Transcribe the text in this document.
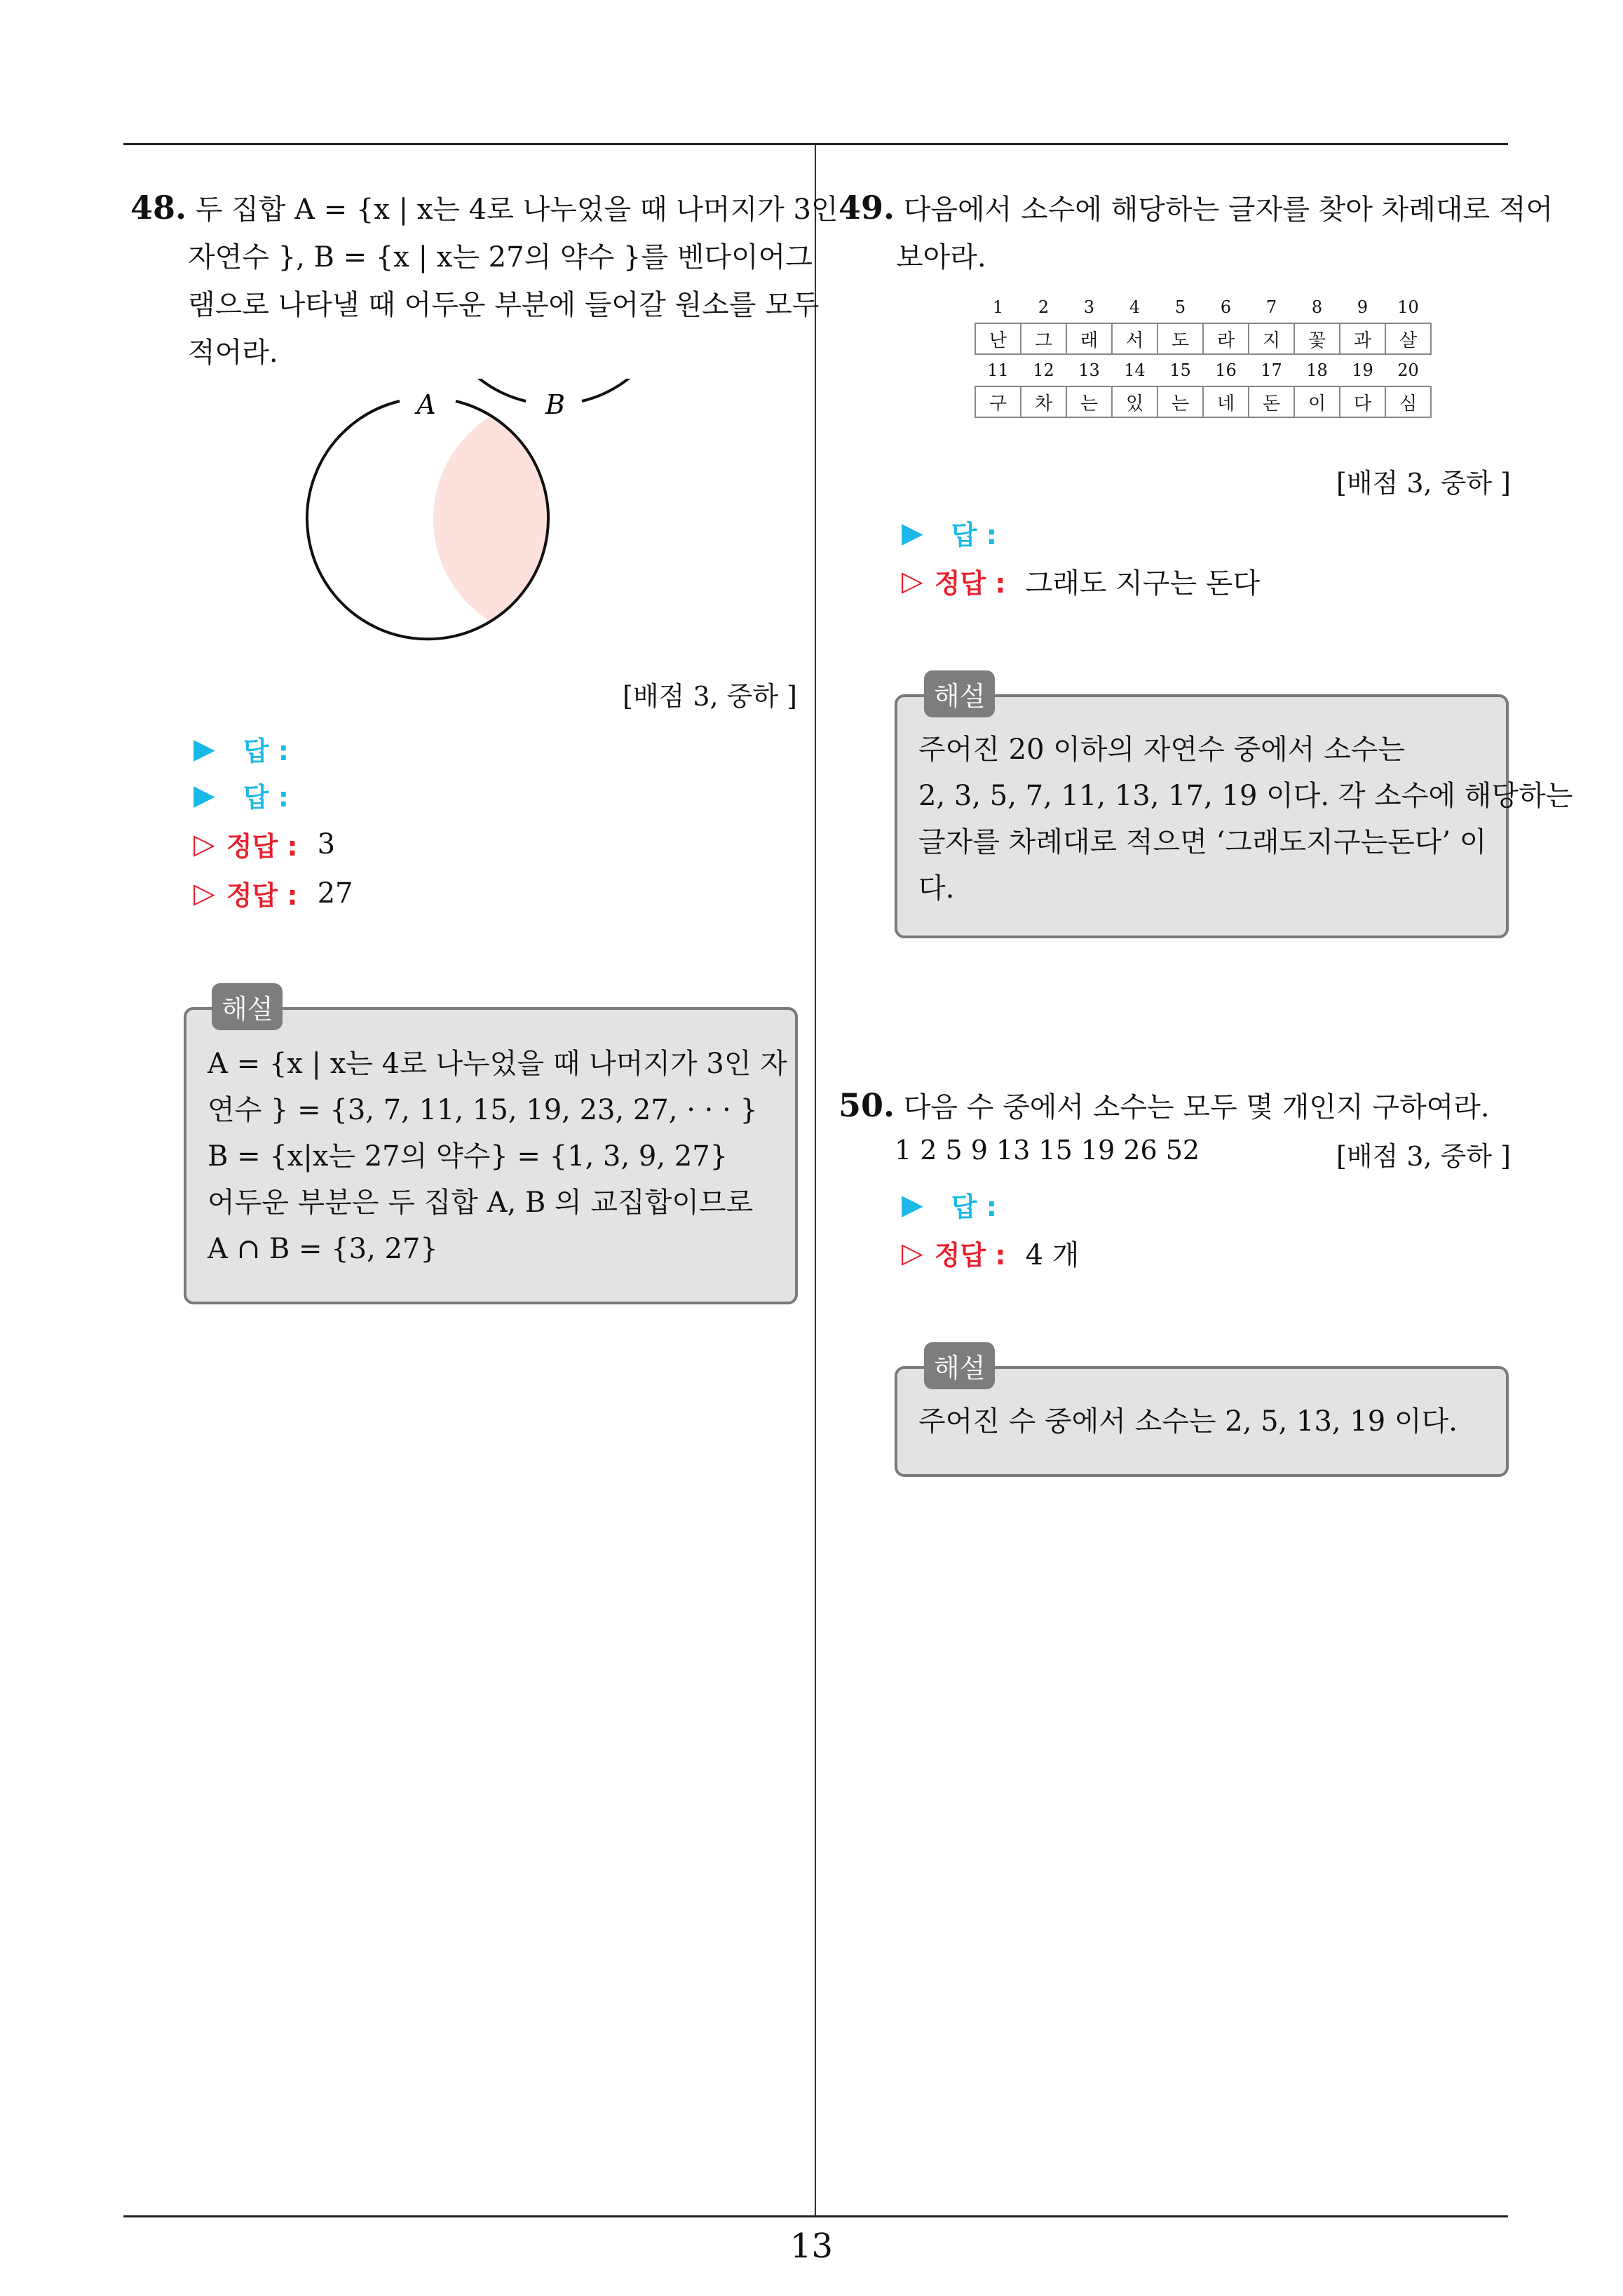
13
48. 두 집합 A = {x | x는 4로 나누었을 때 나머지가 3인
자연수 }, B = {x | x는 27의 약수 }를 벤다이어그
램으로 나타낼 때 어두운 부분에 들어갈 원소를 모두
적어라.
A	B
[배점 3, 중하 ]
▶ 답 :
▶ 답 :
▷ 정답 : 3
▷ 정답 : 27
해설
A = {x | x는 4로 나누었을 때 나머지가 3인 자
연수 } = {3, 7, 11, 15, 19, 23, 27, · · · }
B = {x|x는 27의 약수} = {1, 3, 9, 27}
어두운 부분은 두 집합 A, B 의 교집합이므로
A ∩ B = {3, 27}
49. 다음에서 소수에 해당하는 글자를 찾아 차례대로 적어
보아라.
1	2	3	4	5	6	7	8	9	10
난	그	래	서	도	라	지	꽃	과	살
11	12	13	14	15	16	17	18	19	20
구	차	는	있	는	네	돈	이	다	심
[배점 3, 중하 ]
▶ 답 :
▷ 정답 : 그래도 지구는 돈다
해설
주어진 20 이하의 자연수 중에서 소수는
2, 3, 5, 7, 11, 13, 17, 19 이다. 각 소수에 해당하는
글자를 차례대로 적으면 ‘그래도지구는돈다’ 이
다.
50. 다음 수 중에서 소수는 모두 몇 개인지 구하여라.
1 2 5 9 13 15 19 26 52	[배점 3, 중하 ]
▶ 답 :
▷ 정답 : 4 개
해설
주어진 수 중에서 소수는 2, 5, 13, 19 이다.
